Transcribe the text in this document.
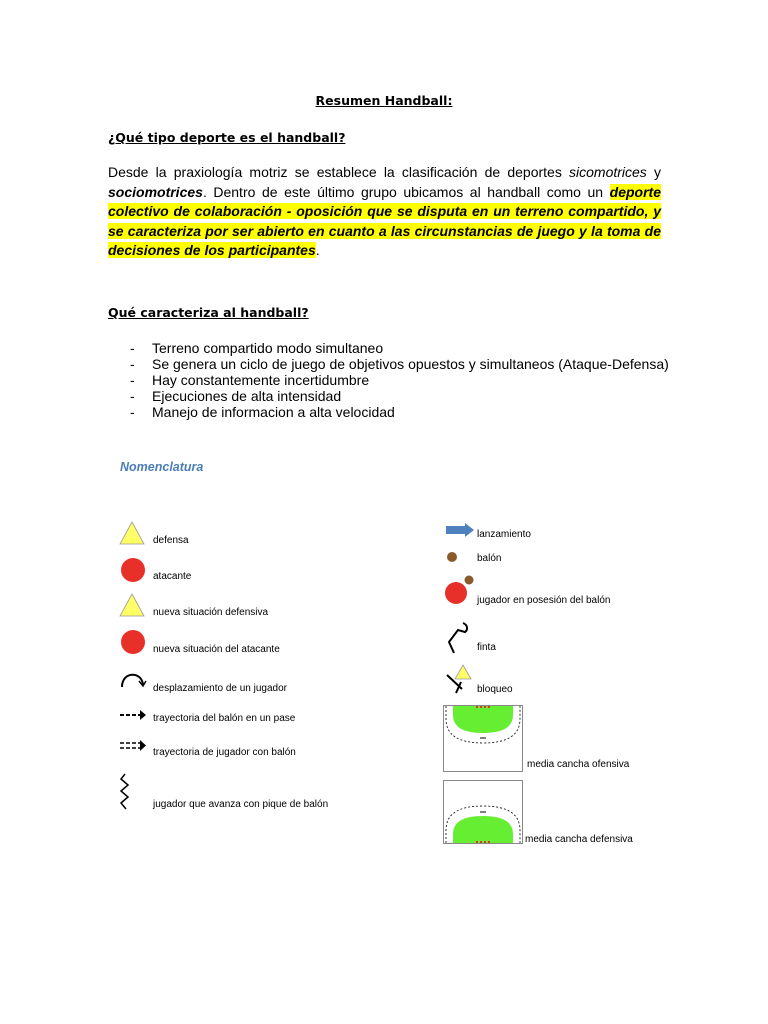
Resumen Handball:
¿Qué tipo deporte es el handball?
Desde la praxiología motriz se establece la clasificación de deportes sicomotrices y sociomotrices. Dentro de este último grupo ubicamos al handball como un deporte colectivo de colaboración - oposición que se disputa en un terreno compartido, y se caracteriza por ser abierto en cuanto a las circunstancias de juego y la toma de decisiones de los participantes.
Qué caracteriza al handball?
- Terreno compartido modo simultaneo
- Se genera un ciclo de juego de objetivos opuestos y simultaneos (Ataque-Defensa)
- Hay constantemente incertidumbre
- Ejecuciones de alta intensidad
- Manejo de informacion a alta velocidad
Nomenclatura
defensa
atacante
nueva situación defensiva
nueva situación del atacante
desplazamiento de un jugador
trayectoria del balón en un pase
trayectoria de jugador con balón
jugador que avanza con pique de balón
lanzamiento
balón
jugador en posesión del balón
finta
bloqueo
media cancha ofensiva
media cancha defensiva
